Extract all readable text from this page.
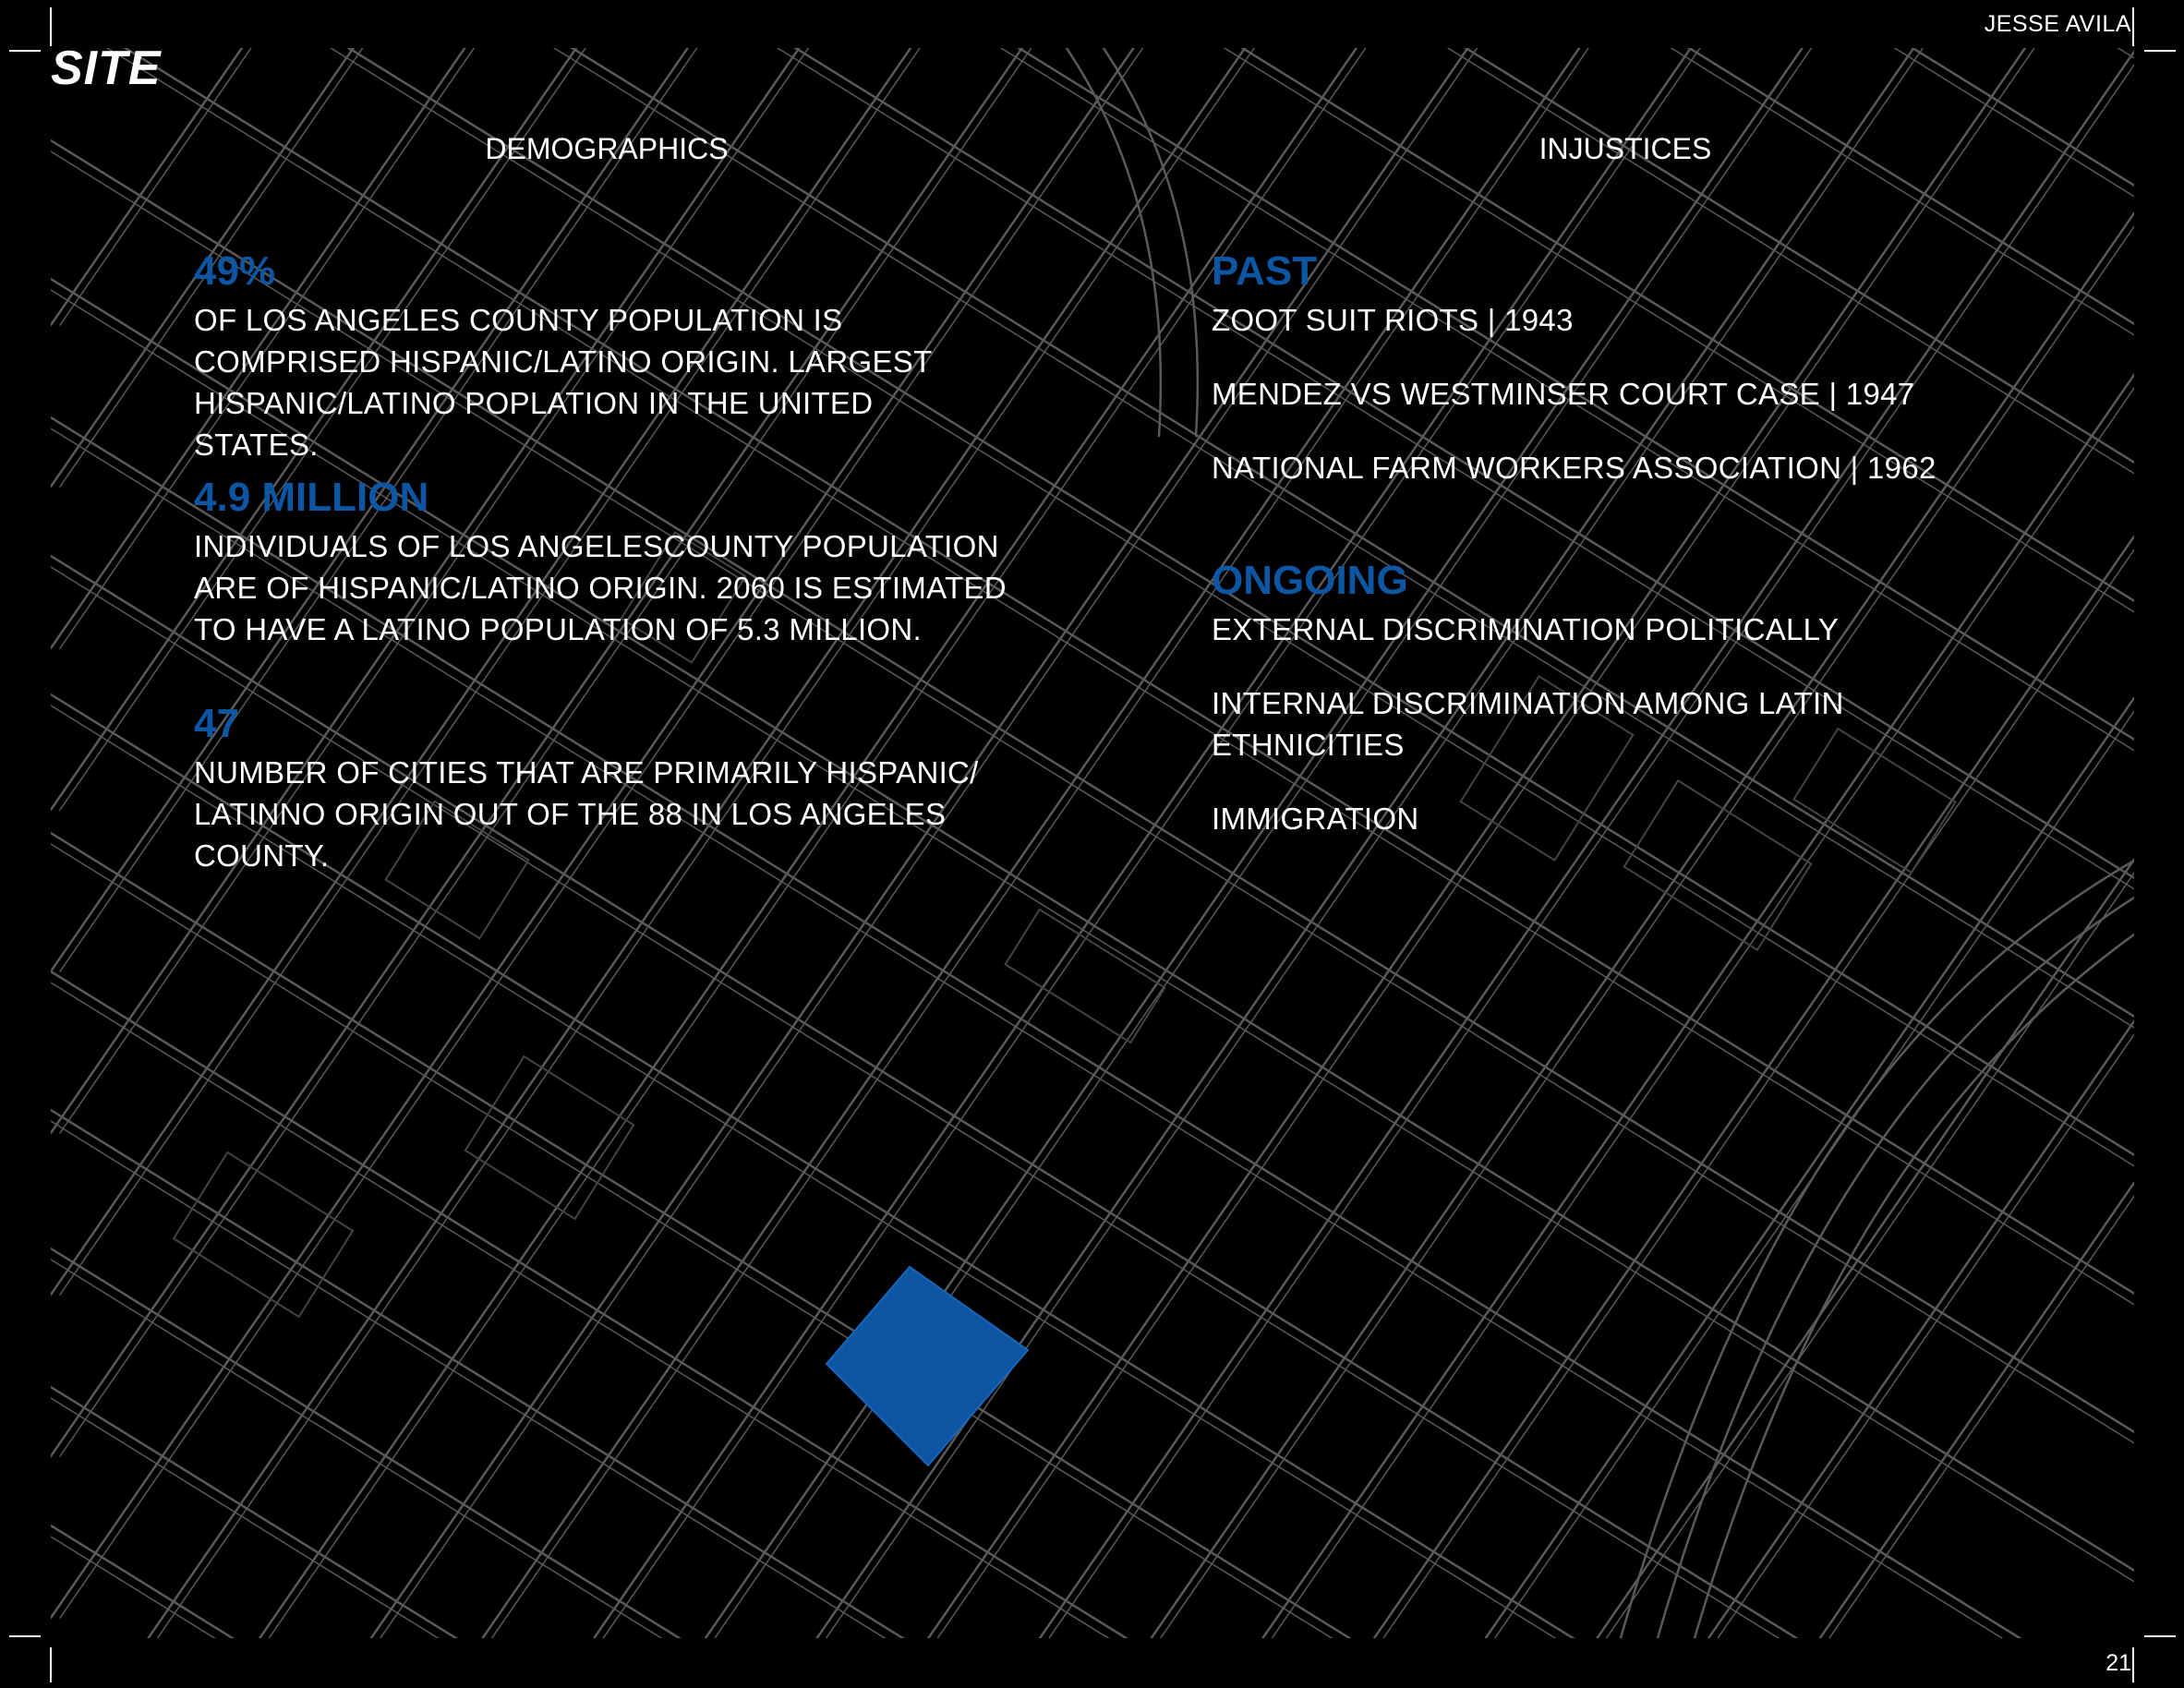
JESSE AVILA
SITE
21
DEMOGRAPHICS
49%
OF LOS ANGELES COUNTY POPULATION IS COMPRISED HISPANIC/LATINO ORIGIN. LARGEST HISPANIC/LATINO POPLATION IN THE UNITED STATES.
4.9 MILLION
INDIVIDUALS OF LOS ANGELESCOUNTY POPULATION ARE OF HISPANIC/LATINO ORIGIN. 2060 IS ESTIMATED TO HAVE A LATINO POPULATION OF 5.3 MILLION.
47
NUMBER OF CITIES THAT ARE PRIMARILY HISPANIC/ LATINNO ORIGIN OUT OF THE 88 IN LOS ANGELES COUNTY.
INJUSTICES
PAST
ZOOT SUIT RIOTS | 1943
MENDEZ VS WESTMINSER COURT CASE | 1947
NATIONAL FARM WORKERS ASSOCIATION | 1962
ONGOING
EXTERNAL DISCRIMINATION POLITICALLY
INTERNAL DISCRIMINATION AMONG LATIN ETHNICITIES
IMMIGRATION
